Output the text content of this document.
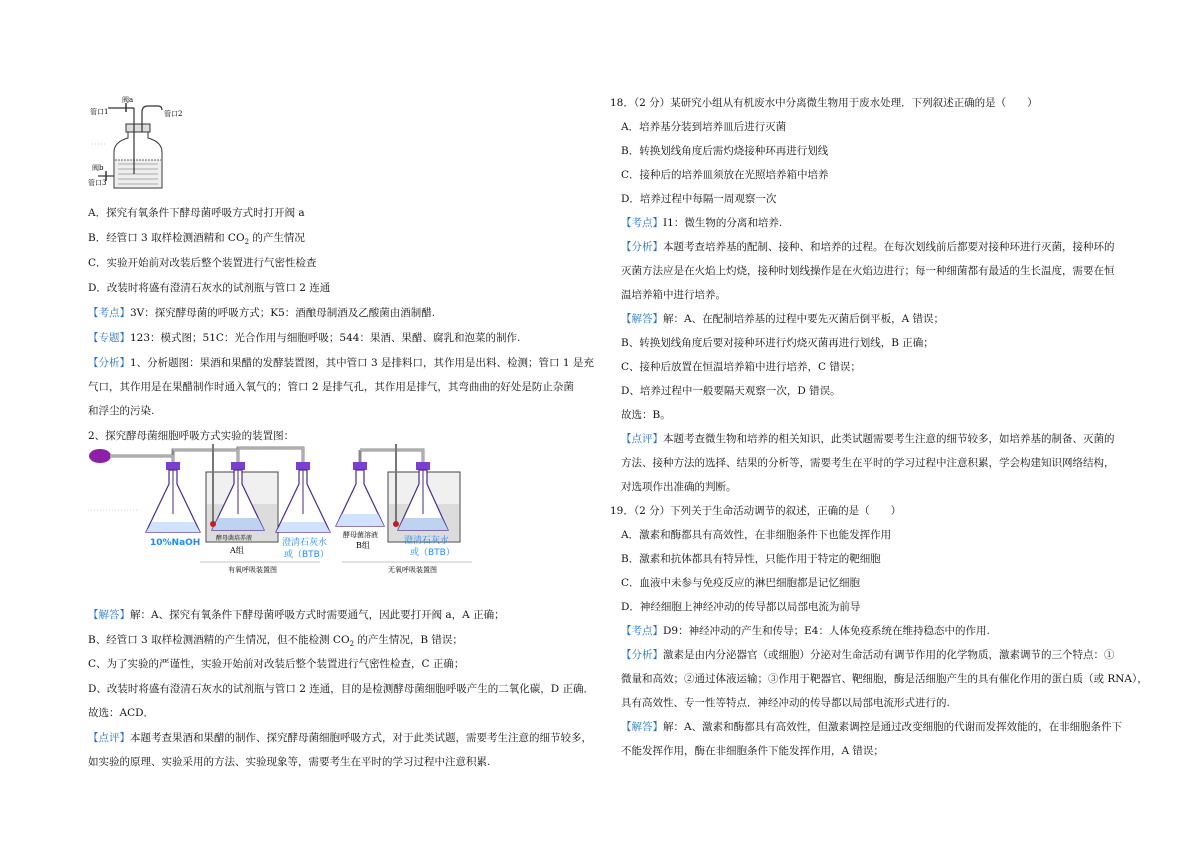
管口1
阀a
管口2
阀b
管口3
A．探究有氧条件下酵母菌呼吸方式时打开阀 a
B．经管口 3 取样检测酒精和 $CO_2$ 的产生情况
C．实验开始前对改装后整个装置进行气密性检查
D．改装时将盛有澄清石灰水的试剂瓶与管口 2 连通
【考点】3V：探究酵母菌的呼吸方式；K5：酒酿母制酒及乙酸菌由酒制醋.
【专题】123：模式图；51C：光合作用与细胞呼吸；544：果酒、果醋、腐乳和泡菜的制作.
【分析】1、分析题图：果酒和果醋的发酵装置图，其中管口 3 是排料口，其作用是出料、检测；管口 1 是充
气口，其作用是在果醋制作时通入氧气的；管口 2 是排气孔，其作用是排气，其弯曲曲的好处是防止杂菌
和浮尘的污染.
2、探究酵母菌细胞呼吸方式实验的装置图：
10%NaOH	酵母菌培养液
A组
澄清石灰水
或（BTB）
酵母菌溶液
B组	澄清石灰水
或（BTB）
有氧呼吸装置图	无氧呼吸装置图
【解答】解：A、探究有氧条件下酵母菌呼吸方式时需要通气，因此要打开阀 a，A 正确；
B、经管口 3 取样检测酒精的产生情况，但不能检测 $CO_2$ 的产生情况，B 错误；
C、为了实验的严谨性，实验开始前对改装后整个装置进行气密性检查，C 正确；
D、改装时将盛有澄清石灰水的试剂瓶与管口 2 连通，目的是检测酵母菌细胞呼吸产生的二氧化碳，D 正确．
故选：ACD．
【点评】本题考查果酒和果醋的制作、探究酵母菌细胞呼吸方式，对于此类试题，需要考生注意的细节较多，
如实验的原理、实验采用的方法、实验现象等，需要考生在平时的学习过程中注意积累.
18．（2 分）某研究小组从有机废水中分离微生物用于废水处理．下列叙述正确的是（　　）
A．培养基分装到培养皿后进行灭菌
B．转换划线角度后需灼烧接种环再进行划线
C．接种后的培养皿须放在光照培养箱中培养
D．培养过程中每隔一周观察一次
【考点】I1：微生物的分离和培养.
【分析】本题考查培养基的配制、接种、和培养的过程。在每次划线前后都要对接种环进行灭菌，接种环的
灭菌方法应是在火焰上灼烧，接种时划线操作是在火焰边进行；每一种细菌都有最适的生长温度，需要在恒
温培养箱中进行培养。
【解答】解：A、在配制培养基的过程中要先灭菌后倒平板，A 错误；
B、转换划线角度后要对接种环进行灼烧灭菌再进行划线，B 正确；
C、接种后放置在恒温培养箱中进行培养，C 错误；
D、培养过程中一般要隔天观察一次，D 错误。
故选：B。
【点评】本题考查微生物和培养的相关知识，此类试题需要考生注意的细节较多，如培养基的制备、灭菌的
方法、接种方法的选择、结果的分析等，需要考生在平时的学习过程中注意积累，学会构建知识网络结构，
对选项作出准确的判断。
19．（2 分）下列关于生命活动调节的叙述，正确的是（　　）
A．激素和酶都具有高效性，在非细胞条件下也能发挥作用
B．激素和抗体都具有特异性，只能作用于特定的靶细胞
C．血液中未参与免疫反应的淋巴细胞都是记忆细胞
D．神经细胞上神经冲动的传导都以局部电流为前导
【考点】D9：神经冲动的产生和传导；E4：人体免疫系统在维持稳态中的作用.
【分析】激素是由内分泌器官（或细胞）分泌对生命活动有调节作用的化学物质，激素调节的三个特点：①
微量和高效；②通过体液运输；③作用于靶器官、靶细胞，酶是活细胞产生的具有催化作用的蛋白质（或 RNA），
具有高效性、专一性等特点．神经冲动的传导都以局部电流形式进行的.
【解答】解：A、激素和酶都具有高效性，但激素调控是通过改变细胞的代谢而发挥效能的，在非细胞条件下
不能发挥作用，酶在非细胞条件下能发挥作用，A 错误；
